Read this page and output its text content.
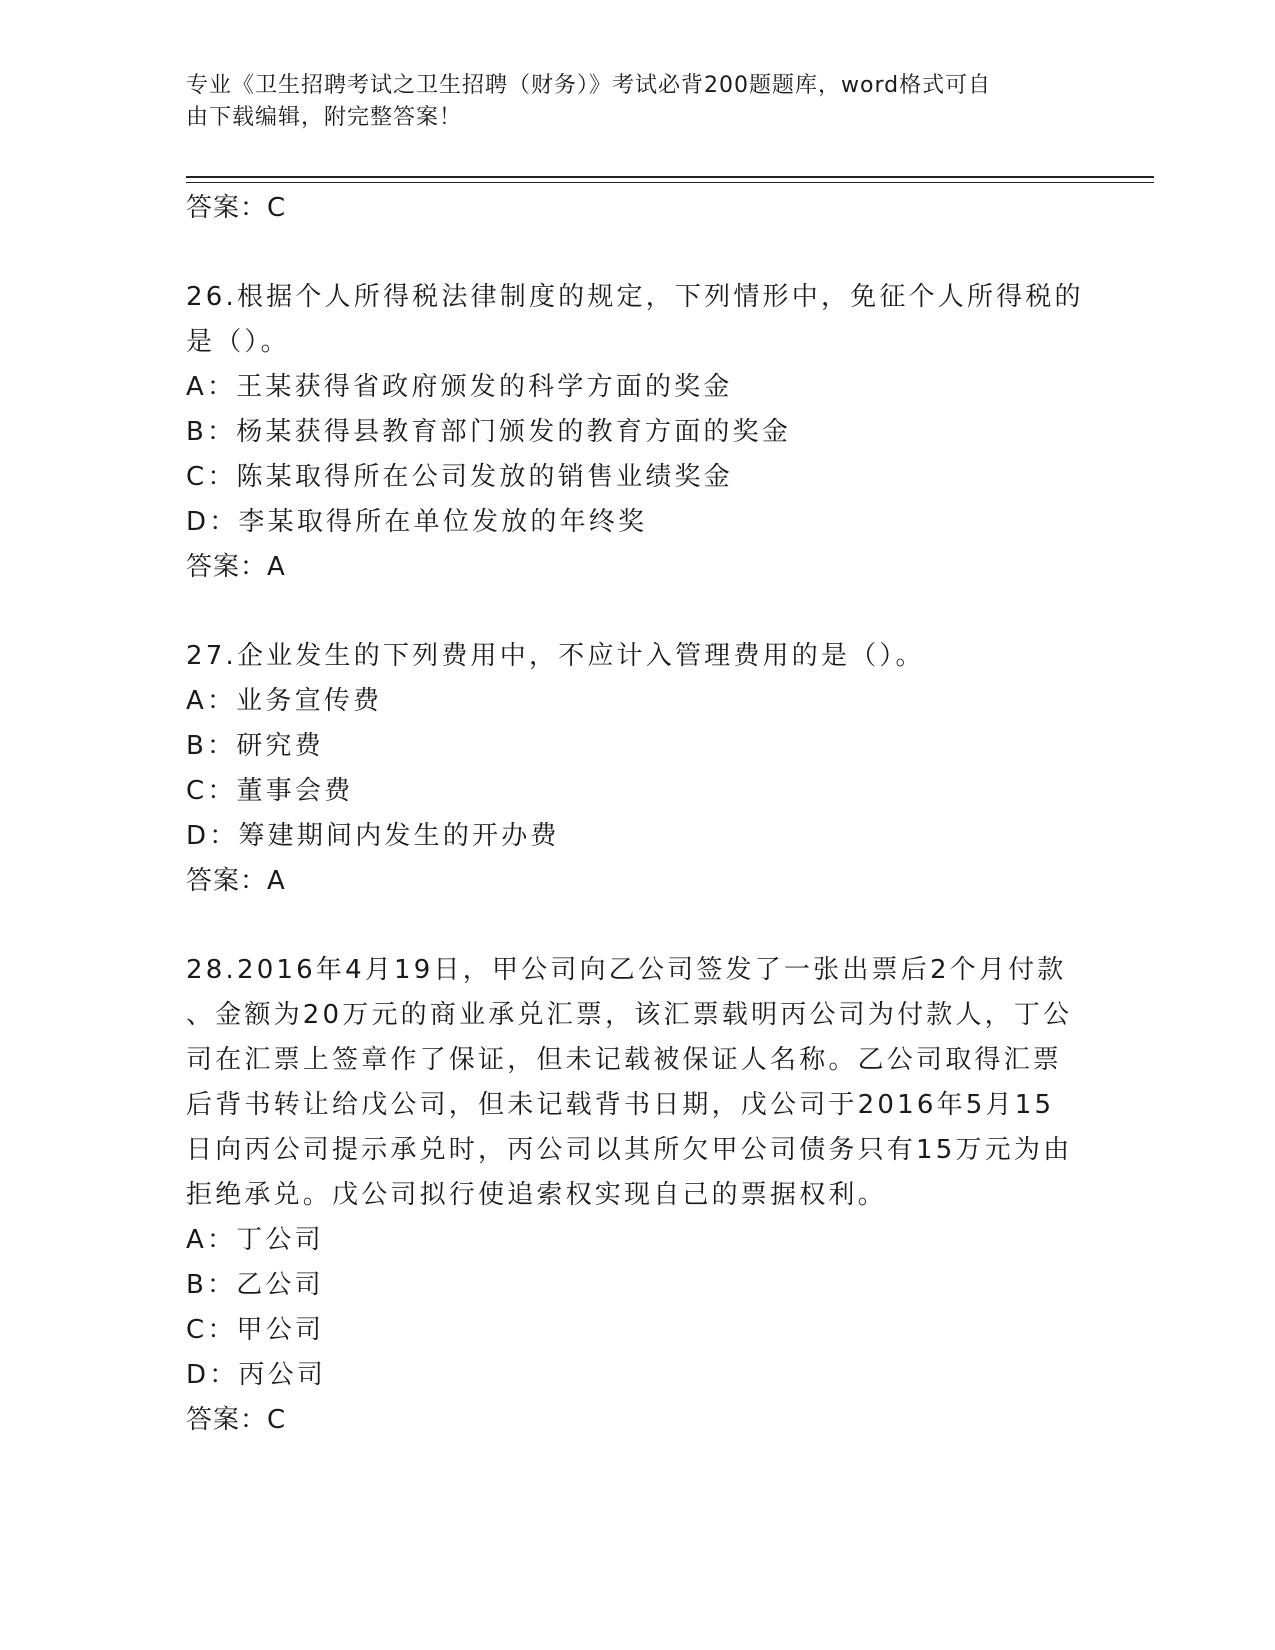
专业《卫生招聘考试之卫生招聘（财务）》考试必背200题题库，word格式可自
由下载编辑，附完整答案！
答案：C
26.根据个人所得税法律制度的规定，下列情形中，免征个人所得税的
是（）。
A：王某获得省政府颁发的科学方面的奖金
B：杨某获得县教育部门颁发的教育方面的奖金
C：陈某取得所在公司发放的销售业绩奖金
D：李某取得所在单位发放的年终奖
答案：A
27.企业发生的下列费用中，不应计入管理费用的是（）。
A：业务宣传费
B：研究费
C：董事会费
D：筹建期间内发生的开办费
答案：A
28.2016年4月19日，甲公司向乙公司签发了一张出票后2个月付款
、金额为20万元的商业承兑汇票，该汇票载明丙公司为付款人，丁公
司在汇票上签章作了保证，但未记载被保证人名称。乙公司取得汇票
后背书转让给戊公司，但未记载背书日期，戊公司于2016年5月15
日向丙公司提示承兑时，丙公司以其所欠甲公司债务只有15万元为由
拒绝承兑。戊公司拟行使追索权实现自己的票据权利。
A：丁公司
B：乙公司
C：甲公司
D：丙公司
答案：C
